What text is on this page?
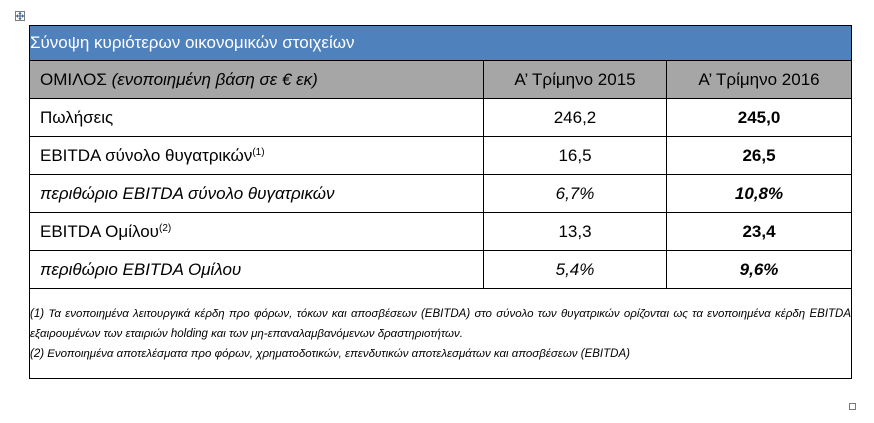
Σύνοψη κυριότερων οικονομικών στοιχείων		
ΟΜΙΛΟΣ (ενοποιημένη βάση σε € εκ)	Α’ Τρίμηνο 2015	Α’ Τρίμηνο 2016
Πωλήσεις	246,2	245,0
EBITDA σύνολο θυγατρικών$^{(1)}$	16,5	26,5
περιθώριο EBITDA σύνολο θυγατρικών	6,7%	10,8%
EBITDA Ομίλου$^{(2)}$	13,3	23,4
περιθώριο EBITDA Ομίλου	5,4%	9,6%

(1) Τα ενοποιημένα λειτουργικά κέρδη προ φόρων, τόκων και αποσβέσεων (EBITDA) στο σύνολο των θυγατρικών ορίζονται ως τα ενοποιημένα κέρδη EBITDA εξαιρουμένων των εταιριών holding και των μη-επαναλαμβανόμενων δραστηριοτήτων.

(2) Ενοποιημένα αποτελέσματα προ φόρων, χρηματοδοτικών, επενδυτικών αποτελεσμάτων και αποσβέσεων (EBITDA)		
